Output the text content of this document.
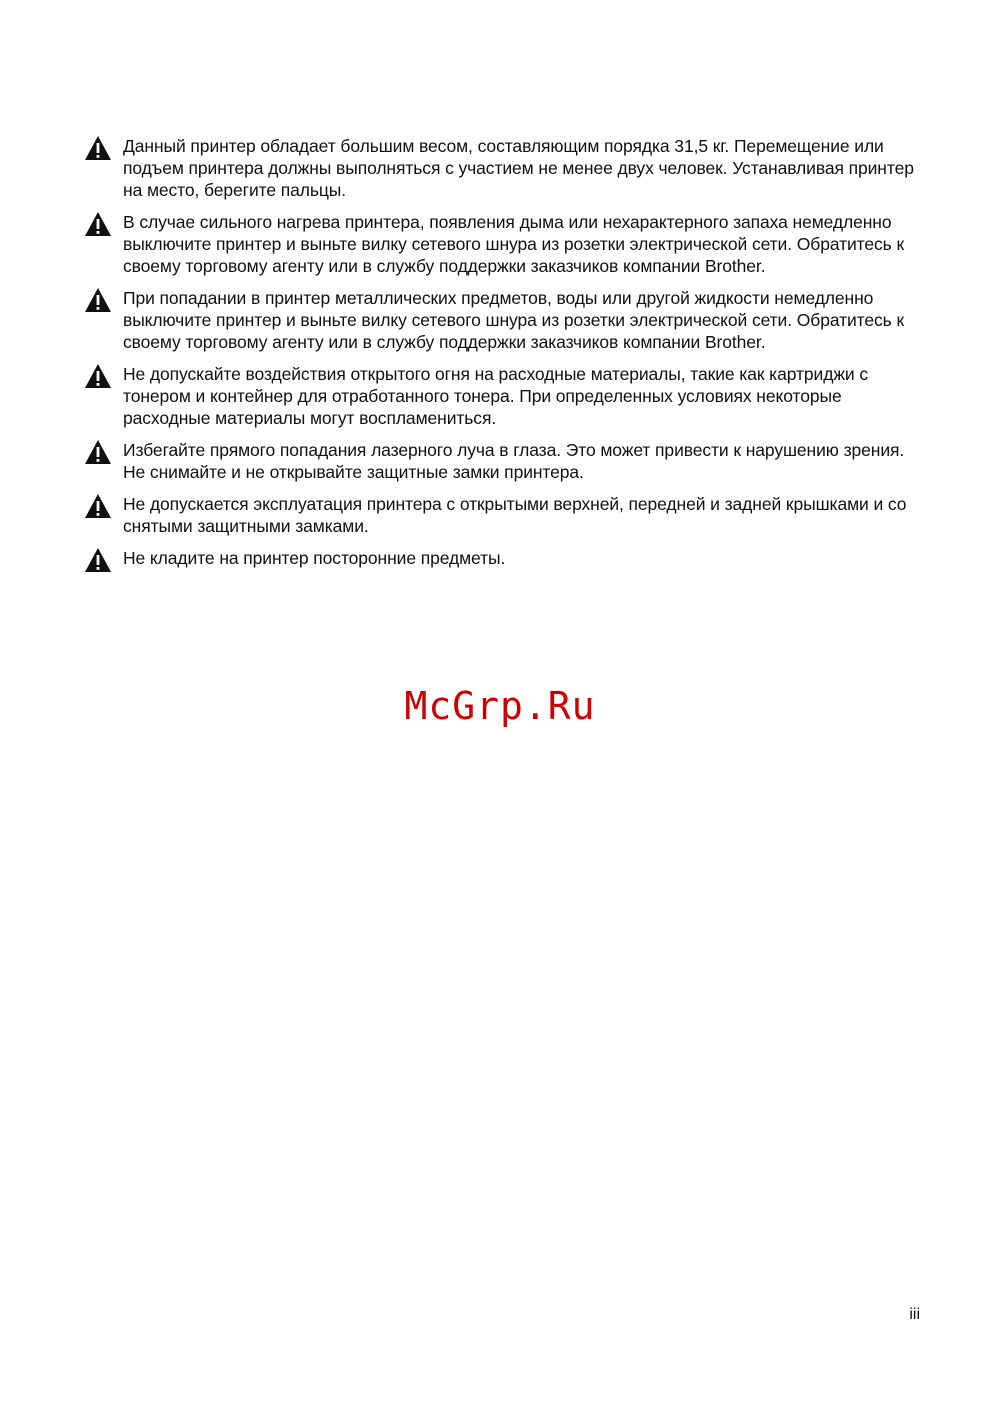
Данный принтер обладает большим весом, составляющим порядка 31,5 кг. Перемещение или подъем принтера должны выполняться с участием не менее двух человек. Устанавливая принтер на место, берегите пальцы.

В случае сильного нагрева принтера, появления дыма или нехарактерного запаха немедленно выключите принтер и выньте вилку сетевого шнура из розетки электрической сети. Обратитесь к своему торговому агенту или в службу поддержки заказчиков компании Brother.

При попадании в принтер металлических предметов, воды или другой жидкости немедленно выключите принтер и выньте вилку сетевого шнура из розетки электрической сети. Обратитесь к своему торговому агенту или в службу поддержки заказчиков компании Brother.

Не допускайте воздействия открытого огня на расходные материалы, такие как картриджи с тонером и контейнер для отработанного тонера. При определенных условиях некоторые расходные материалы могут воспламениться.

Избегайте прямого попадания лазерного луча в глаза. Это может привести к нарушению зрения. Не снимайте и не открывайте защитные замки принтера.

Не допускается эксплуатация принтера с открытыми верхней, передней и задней крышками и со снятыми защитными замками.

Не кладите на принтер посторонние предметы.

McGrp.Ru
iii
